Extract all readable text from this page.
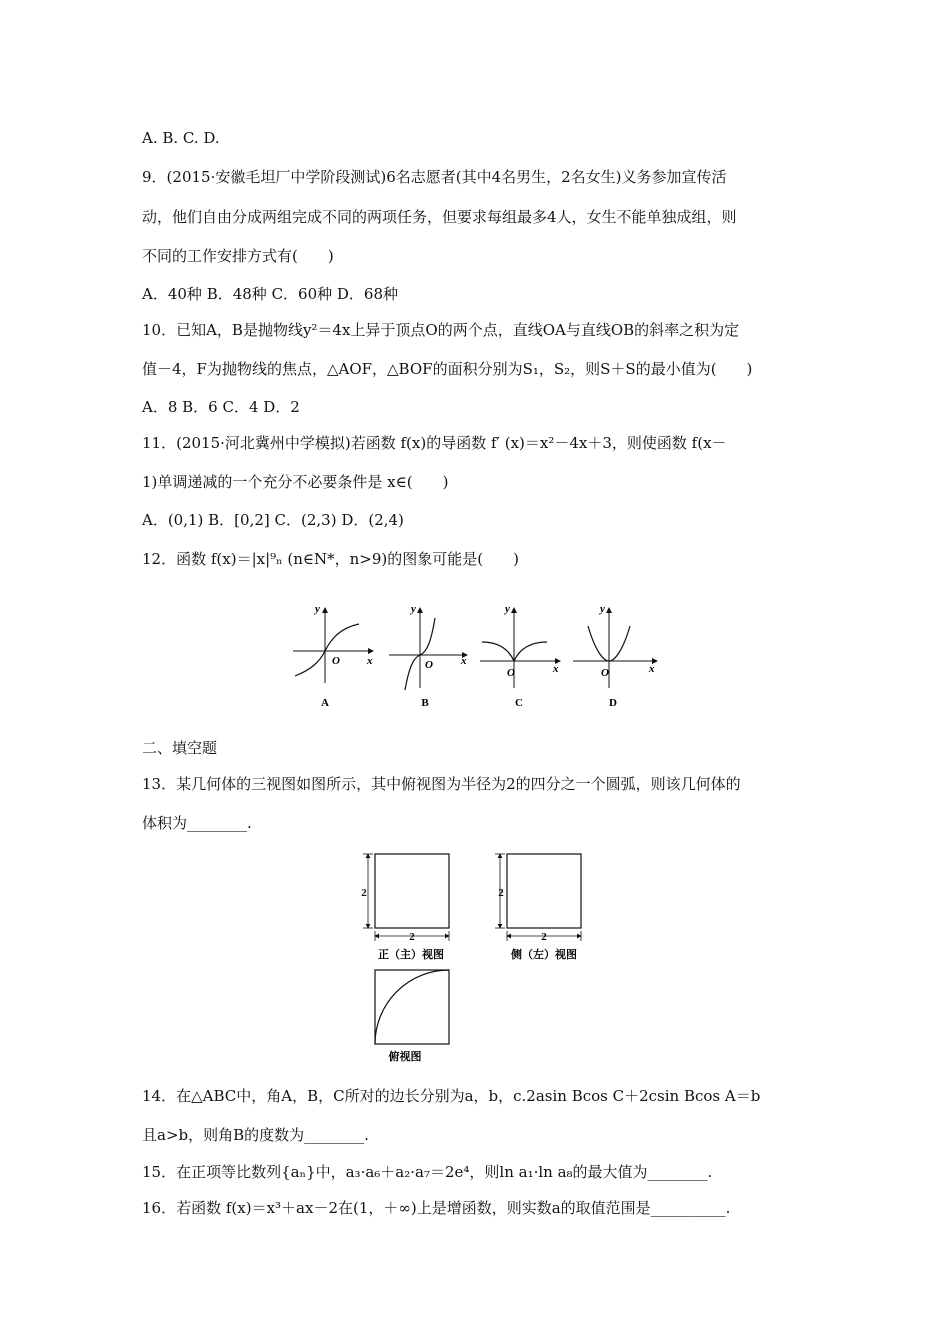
A. B. C. D.
9．(2015·安徽毛坦厂中学阶段测试)6名志愿者(其中4名男生，2名女生)义务参加宣传活
动，他们自由分成两组完成不同的两项任务，但要求每组最多4人，女生不能单独成组，则
不同的工作安排方式有(　　)
A．40种 B．48种 C．60种 D．68种
10．已知A，B是抛物线y²＝4x上异于顶点O的两个点，直线OA与直线OB的斜率之积为定
值－4，F为抛物线的焦点，△AOF，△BOF的面积分别为S₁，S₂，则S＋S的最小值为(　　)
A．8 B．6 C．4 D．2
11．(2015·河北冀州中学模拟)若函数 f(x)的导函数 f′ (x)＝x²－4x＋3，则使函数 f(x－
1)单调递减的一个充分不必要条件是 x∈(　　)
A．(0,1) B．[0,2] C．(2,3) D．(2,4)
12．函数 f(x)＝|x|⁹ₙ (n∈N*，n>9)的图象可能是(　　)
y
x
O
A
y
x
O
B
y
x
O
C
y
x
O
D
二、填空题
13．某几何体的三视图如图所示，其中俯视图为半径为2的四分之一个圆弧，则该几何体的
体积为________.
2
2
正（主）视图
2
2
侧（左）视图
俯视图
14．在△ABC中，角A，B，C所对的边长分别为a，b，c.2asin Bcos C＋2csin Bcos A＝b
且a>b，则角B的度数为________.
15．在正项等比数列{aₙ}中，a₃·a₆＋a₂·a₇＝2e⁴，则ln a₁·ln a₈的最大值为________.
16．若函数 f(x)＝x³＋ax－2在(1，＋∞)上是增函数，则实数a的取值范围是__________.
